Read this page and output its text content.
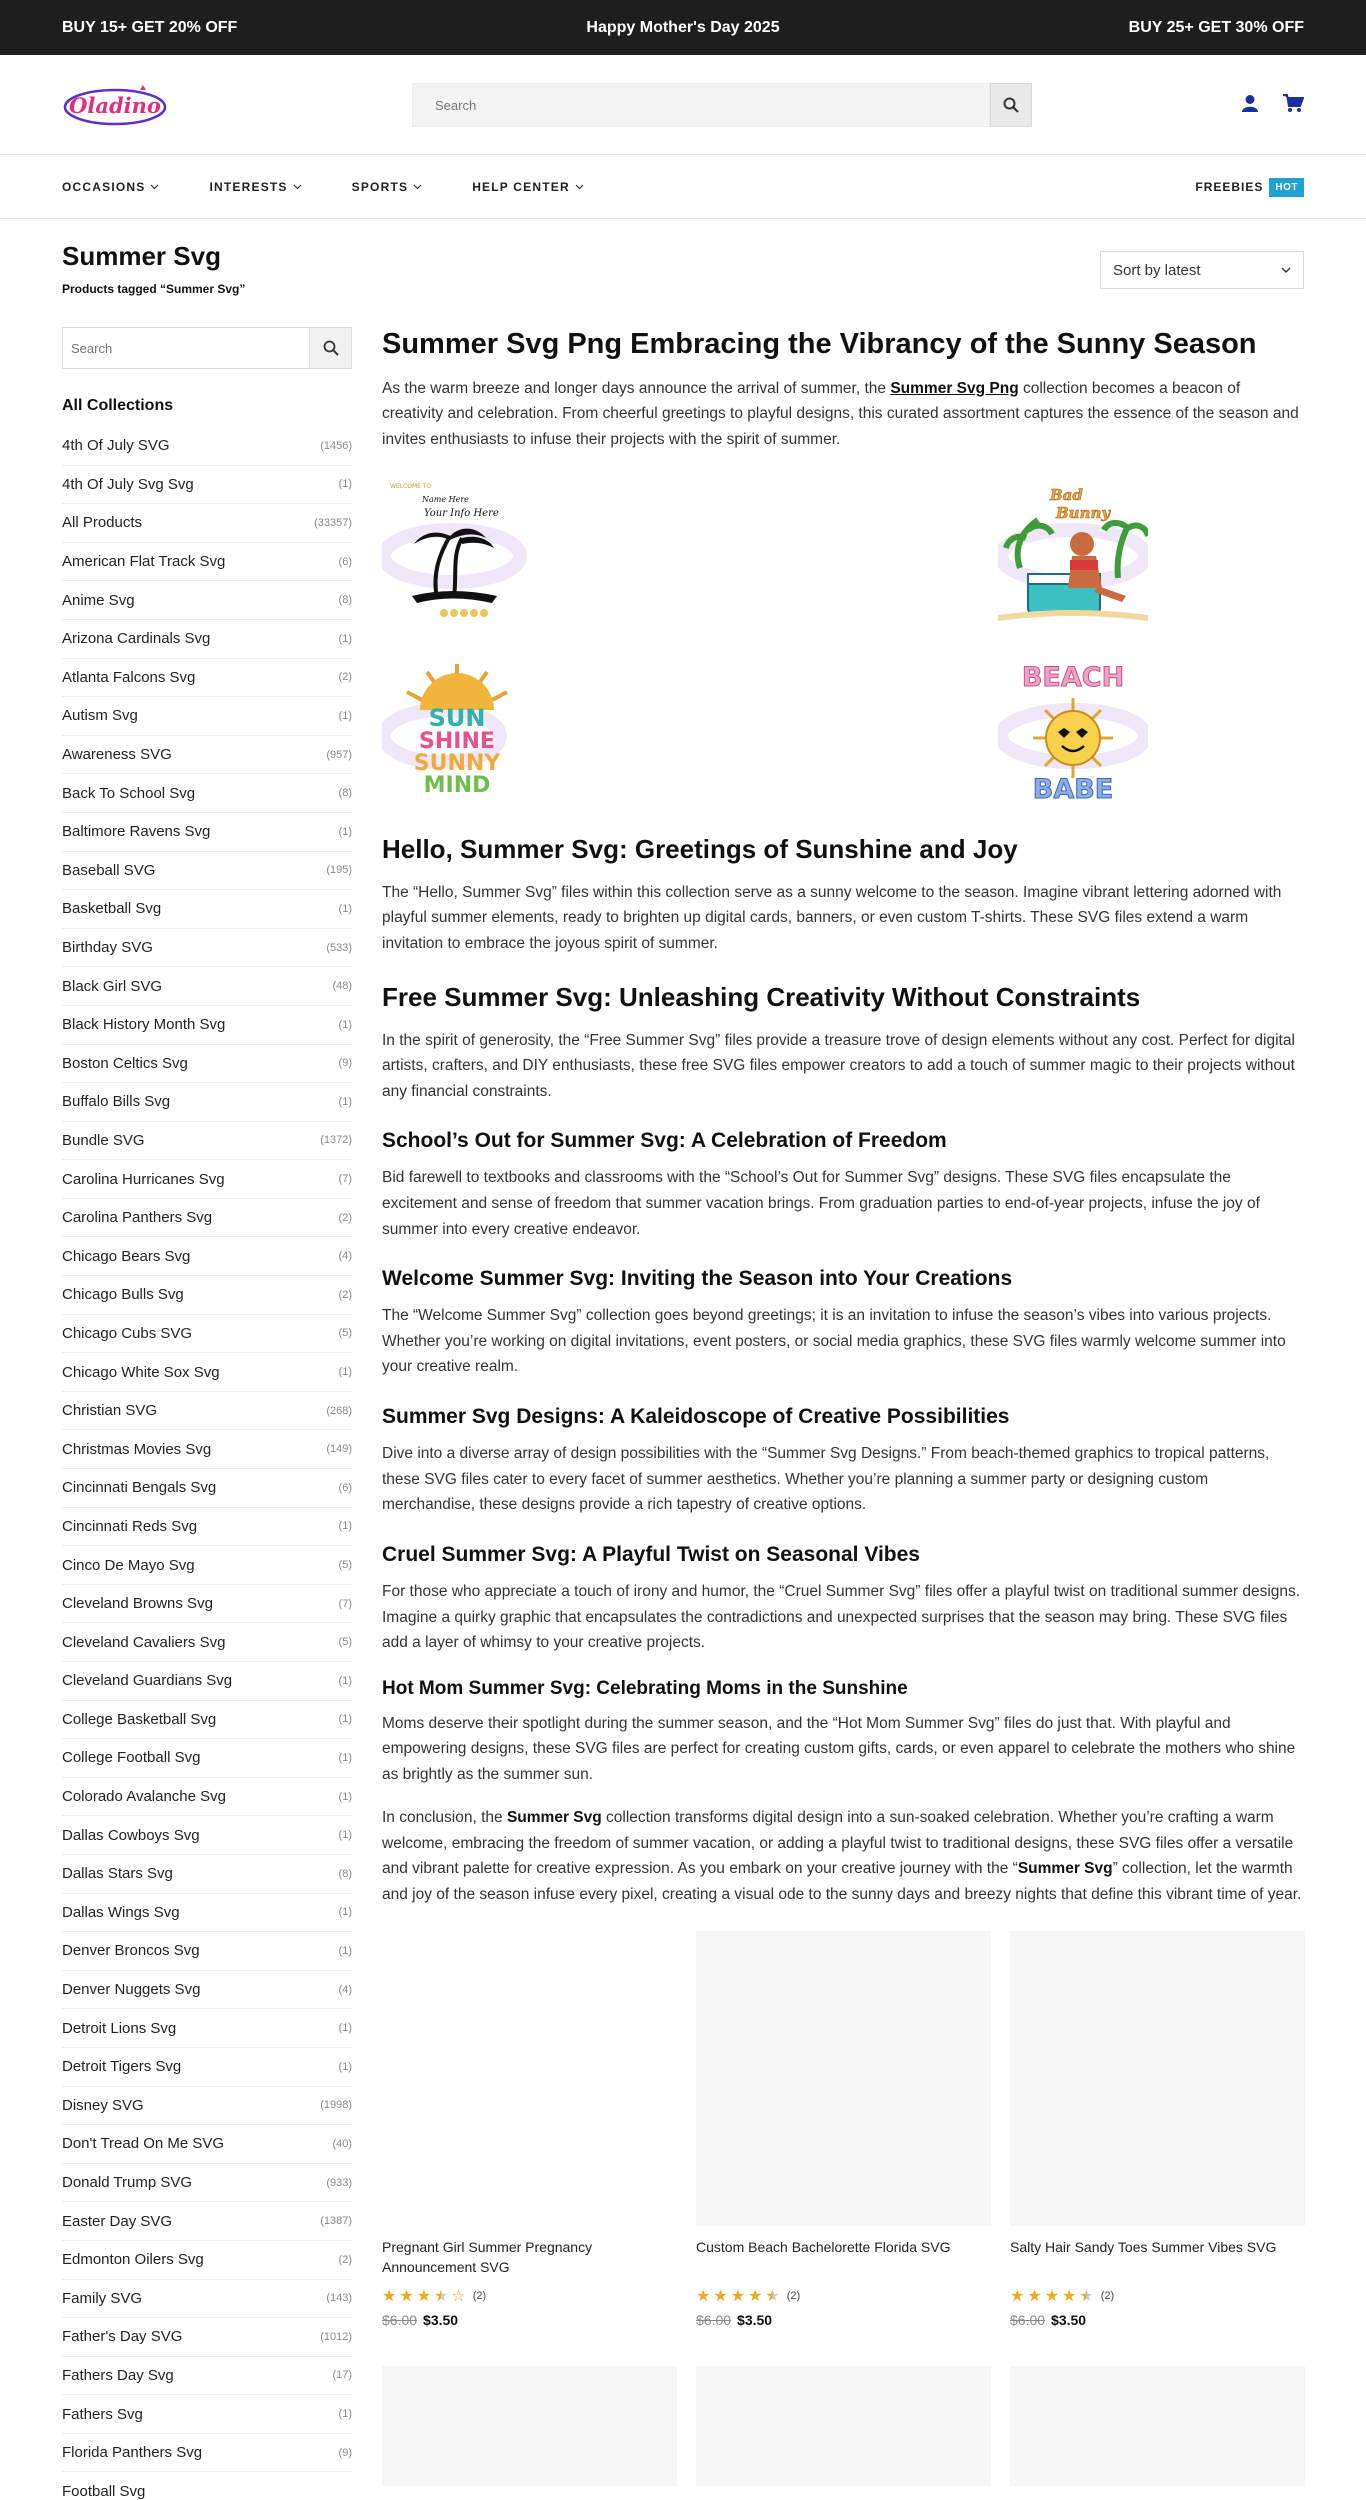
BUY 15+ GET 20% OFF	Happy Mother's Day 2025	BUY 25+ GET 30% OFF
Oladino
Search
OCCASIONS	INTERESTS	SPORTS	HELP CENTER	FREEBIES	HOT
Summer Svg
Products tagged “Summer Svg”
Sort by latest
Search
All Collections
4th Of July SVG	(1456)
4th Of July Svg Svg	(1)
All Products	(33357)
American Flat Track Svg	(6)
Anime Svg	(8)
Arizona Cardinals Svg	(1)
Atlanta Falcons Svg	(2)
Autism Svg	(1)
Awareness SVG	(957)
Back To School Svg	(8)
Baltimore Ravens Svg	(1)
Baseball SVG	(195)
Basketball Svg	(1)
Birthday SVG	(533)
Black Girl SVG	(48)
Black History Month Svg	(1)
Boston Celtics Svg	(9)
Buffalo Bills Svg	(1)
Bundle SVG	(1372)
Carolina Hurricanes Svg	(7)
Carolina Panthers Svg	(2)
Chicago Bears Svg	(4)
Chicago Bulls Svg	(2)
Chicago Cubs SVG	(5)
Chicago White Sox Svg	(1)
Christian SVG	(268)
Christmas Movies Svg	(149)
Cincinnati Bengals Svg	(6)
Cincinnati Reds Svg	(1)
Cinco De Mayo Svg	(5)
Cleveland Browns Svg	(7)
Cleveland Cavaliers Svg	(5)
Cleveland Guardians Svg	(1)
College Basketball Svg	(1)
College Football Svg	(1)
Colorado Avalanche Svg	(1)
Dallas Cowboys Svg	(1)
Dallas Stars Svg	(8)
Dallas Wings Svg	(1)
Denver Broncos Svg	(1)
Denver Nuggets Svg	(4)
Detroit Lions Svg	(1)
Detroit Tigers Svg	(1)
Disney SVG	(1998)
Don't Tread On Me SVG	(40)
Donald Trump SVG	(933)
Easter Day SVG	(1387)
Edmonton Oilers Svg	(2)
Family SVG	(143)
Father's Day SVG	(1012)
Fathers Day Svg	(17)
Fathers Svg	(1)
Florida Panthers Svg	(9)
Football Svg
Summer Svg Png Embracing the Vibrancy of the Sunny Season

As the warm breeze and longer days announce the arrival of summer, the Summer Svg Png collection becomes a beacon of creativity and celebration. From cheerful greetings to playful designs, this curated assortment captures the essence of the season and invites enthusiasts to infuse their projects with the spirit of summer.

WELCOME TO
Name Here
Your Info Here
Bad
Bunny
SUN
SHINE
SUNNY
MIND
BEACH
BABE
Hello, Summer Svg: Greetings of Sunshine and Joy

The “Hello, Summer Svg” files within this collection serve as a sunny welcome to the season. Imagine vibrant lettering adorned with playful summer elements, ready to brighten up digital cards, banners, or even custom T-shirts. These SVG files extend a warm invitation to embrace the joyous spirit of summer.

Free Summer Svg: Unleashing Creativity Without Constraints

In the spirit of generosity, the “Free Summer Svg” files provide a treasure trove of design elements without any cost. Perfect for digital artists, crafters, and DIY enthusiasts, these free SVG files empower creators to add a touch of summer magic to their projects without any financial constraints.

School’s Out for Summer Svg: A Celebration of Freedom

Bid farewell to textbooks and classrooms with the “School’s Out for Summer Svg” designs. These SVG files encapsulate the excitement and sense of freedom that summer vacation brings. From graduation parties to end-of-year projects, infuse the joy of summer into every creative endeavor.

Welcome Summer Svg: Inviting the Season into Your Creations

The “Welcome Summer Svg” collection goes beyond greetings; it is an invitation to infuse the season’s vibes into various projects. Whether you’re working on digital invitations, event posters, or social media graphics, these SVG files warmly welcome summer into your creative realm.

Summer Svg Designs: A Kaleidoscope of Creative Possibilities

Dive into a diverse array of design possibilities with the “Summer Svg Designs.” From beach-themed graphics to tropical patterns, these SVG files cater to every facet of summer aesthetics. Whether you’re planning a summer party or designing custom merchandise, these designs provide a rich tapestry of creative options.

Cruel Summer Svg: A Playful Twist on Seasonal Vibes

For those who appreciate a touch of irony and humor, the “Cruel Summer Svg” files offer a playful twist on traditional summer designs. Imagine a quirky graphic that encapsulates the contradictions and unexpected surprises that the season may bring. These SVG files add a layer of whimsy to your creative projects.

Hot Mom Summer Svg: Celebrating Moms in the Sunshine

Moms deserve their spotlight during the summer season, and the “Hot Mom Summer Svg” files do just that. With playful and empowering designs, these SVG files are perfect for creating custom gifts, cards, or even apparel to celebrate the mothers who shine as brightly as the summer sun.

In conclusion, the Summer Svg collection transforms digital design into a sun-soaked celebration. Whether you’re crafting a warm welcome, embracing the freedom of summer vacation, or adding a playful twist to traditional designs, these SVG files offer a versatile and vibrant palette for creative expression. As you embark on your creative journey with the “Summer Svg” collection, let the warmth and joy of the season infuse every pixel, creating a visual ode to the sunny days and breezy nights that define this vibrant time of year.

Pregnant Girl Summer Pregnancy Announcement SVG
★ ★ ★ ★ ☆ (2)
$6.00 $3.50
Custom Beach Bachelorette Florida SVG
★ ★ ★ ★ ★ (2)
$6.00 $3.50
Salty Hair Sandy Toes Summer Vibes SVG
★ ★ ★ ★ ★ (2)
$6.00 $3.50
